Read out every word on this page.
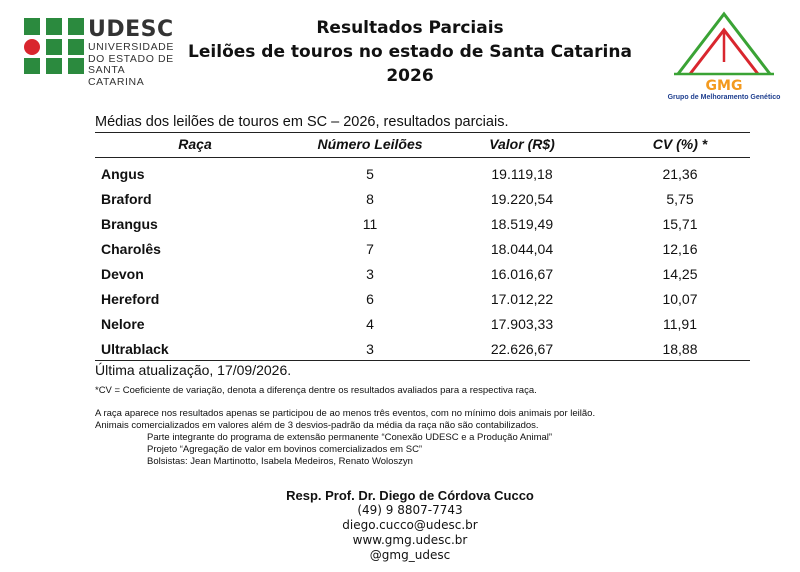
UDESC
UNIVERSIDADE
DO ESTADO DE
SANTA CATARINA
Resultados Parciais
Leilões de touros no estado de Santa Catarina
2026	GMG
Grupo de Melhoramento Genético
Médias dos leilões de touros em SC – 2026, resultados parciais.
Raça	Número Leilões	Valor (R$)	CV (%) *
Angus	5	19.119,18	21,36
Braford	8	19.220,54	5,75
Brangus	11	18.519,49	15,71
Charolês	7	18.044,04	12,16
Devon	3	16.016,67	14,25
Hereford	6	17.012,22	10,07
Nelore	4	17.903,33	11,91
Ultrablack	3	22.626,67	18,88
Última atualização, 17/09/2026.
*CV = Coeficiente de variação, denota a diferença dentre os resultados avaliados para a respectiva raça.
A raça aparece nos resultados apenas se participou de ao menos três eventos, com no mínimo dois animais por leilão.
Animais comercializados em valores além de 3 desvios-padrão da média da raça não são contabilizados.
Parte integrante do programa de extensão permanente “Conexão UDESC e a Produção Animal”
Projeto “Agregação de valor em bovinos comercializados em SC”
Bolsistas: Jean Martinotto, Isabela Medeiros, Renato Woloszyn
Resp. Prof. Dr. Diego de Córdova Cucco
(49) 9 8807-7743
diego.cucco@udesc.br
www.gmg.udesc.br
@gmg_udesc
